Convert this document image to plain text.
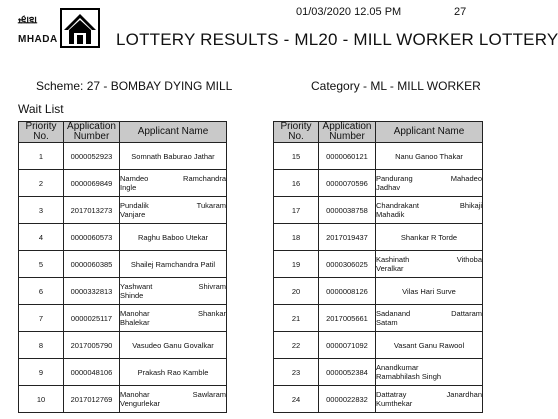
01/03/2020 12.05 PM	27
म्हाडा
MHADA	LOTTERY RESULTS - ML20 - MILL WORKER LOTTERY
Scheme: 27 - BOMBAY DYING MILL	Category - ML - MILL WORKER
Wait List
Priority No.	Application Number	Applicant Name
1	0000052923	Somnath Baburao Jathar

2	0000069849	Namdeo Ramchandra
Ingle

3	2017013273	Pundalik Tukaram
Vanjare

4	0000060573	Raghu Baboo Utekar

5	0000060385	Shailej Ramchandra Patil

6	0000332813	Yashwant Shivram
Shinde

7	0000025117	Manohar Shankar
Bhalekar

8	2017005790	Vasudeo Ganu Govalkar

9	0000048106	Prakash Rao Kamble

10	2017012769	Manohar Sawlaram
Vengurlekar
Priority No.	Application Number	Applicant Name
15	0000060121	Nanu Ganoo Thakar

16	0000070596	Pandurang Mahadeo
Jadhav

17	0000038758	Chandrakant Bhikaji
Mahadik

18	2017019437	Shankar R Torde

19	0000306025	Kashinath Vithoba
Veralkar

20	0000008126	Vilas Hari Surve

21	2017005661	Sadanand Dattaram
Satam

22	0000071092	Vasant Ganu Rawool

23	0000052384	Anandkumar
Ramabhilash Singh

24	0000022832	Dattatray Janardhan
Kumthekar
